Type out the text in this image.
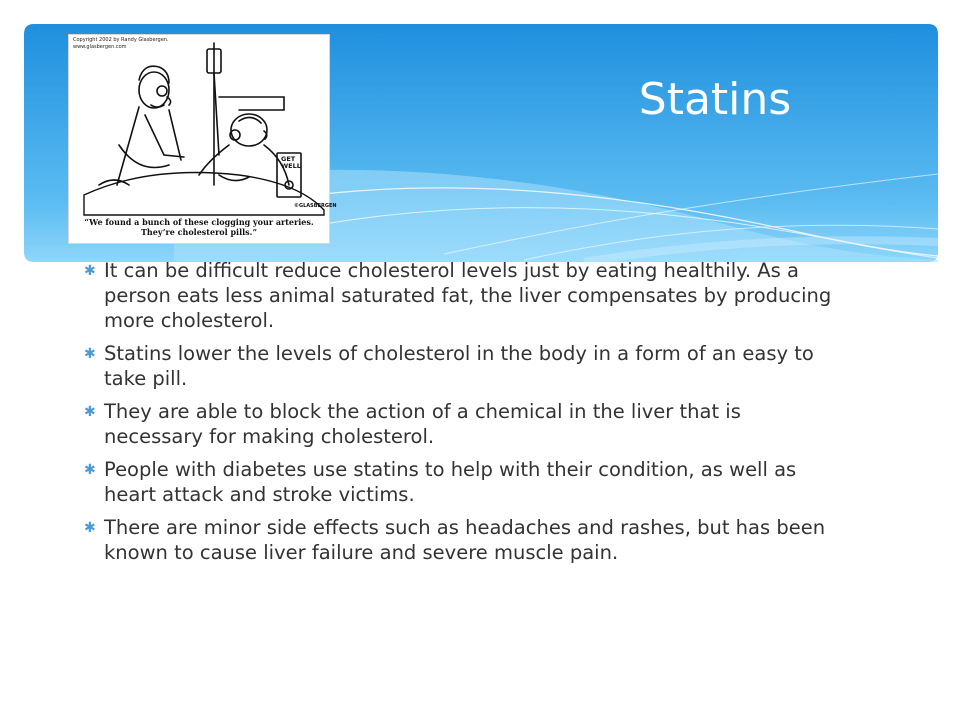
Statins
Copyright 2002 by Randy Glasbergen.
www.glasbergen.com
GET
WELL
©GLASBERGEN
“We found a bunch of these clogging your arteries. They’re cholesterol pills.”
✱ It can be difficult reduce cholesterol levels just by eating healthily. As a person eats less animal saturated fat, the liver compensates by producing more cholesterol.
✱ Statins lower the levels of cholesterol in the body in a form of an easy to take pill.
✱ They are able to block the action of a chemical in the liver that is necessary for making cholesterol.
✱ People with diabetes use statins to help with their condition, as well as heart attack and stroke victims.
✱ There are minor side effects such as headaches and rashes, but has been known to cause liver failure and severe muscle pain.
